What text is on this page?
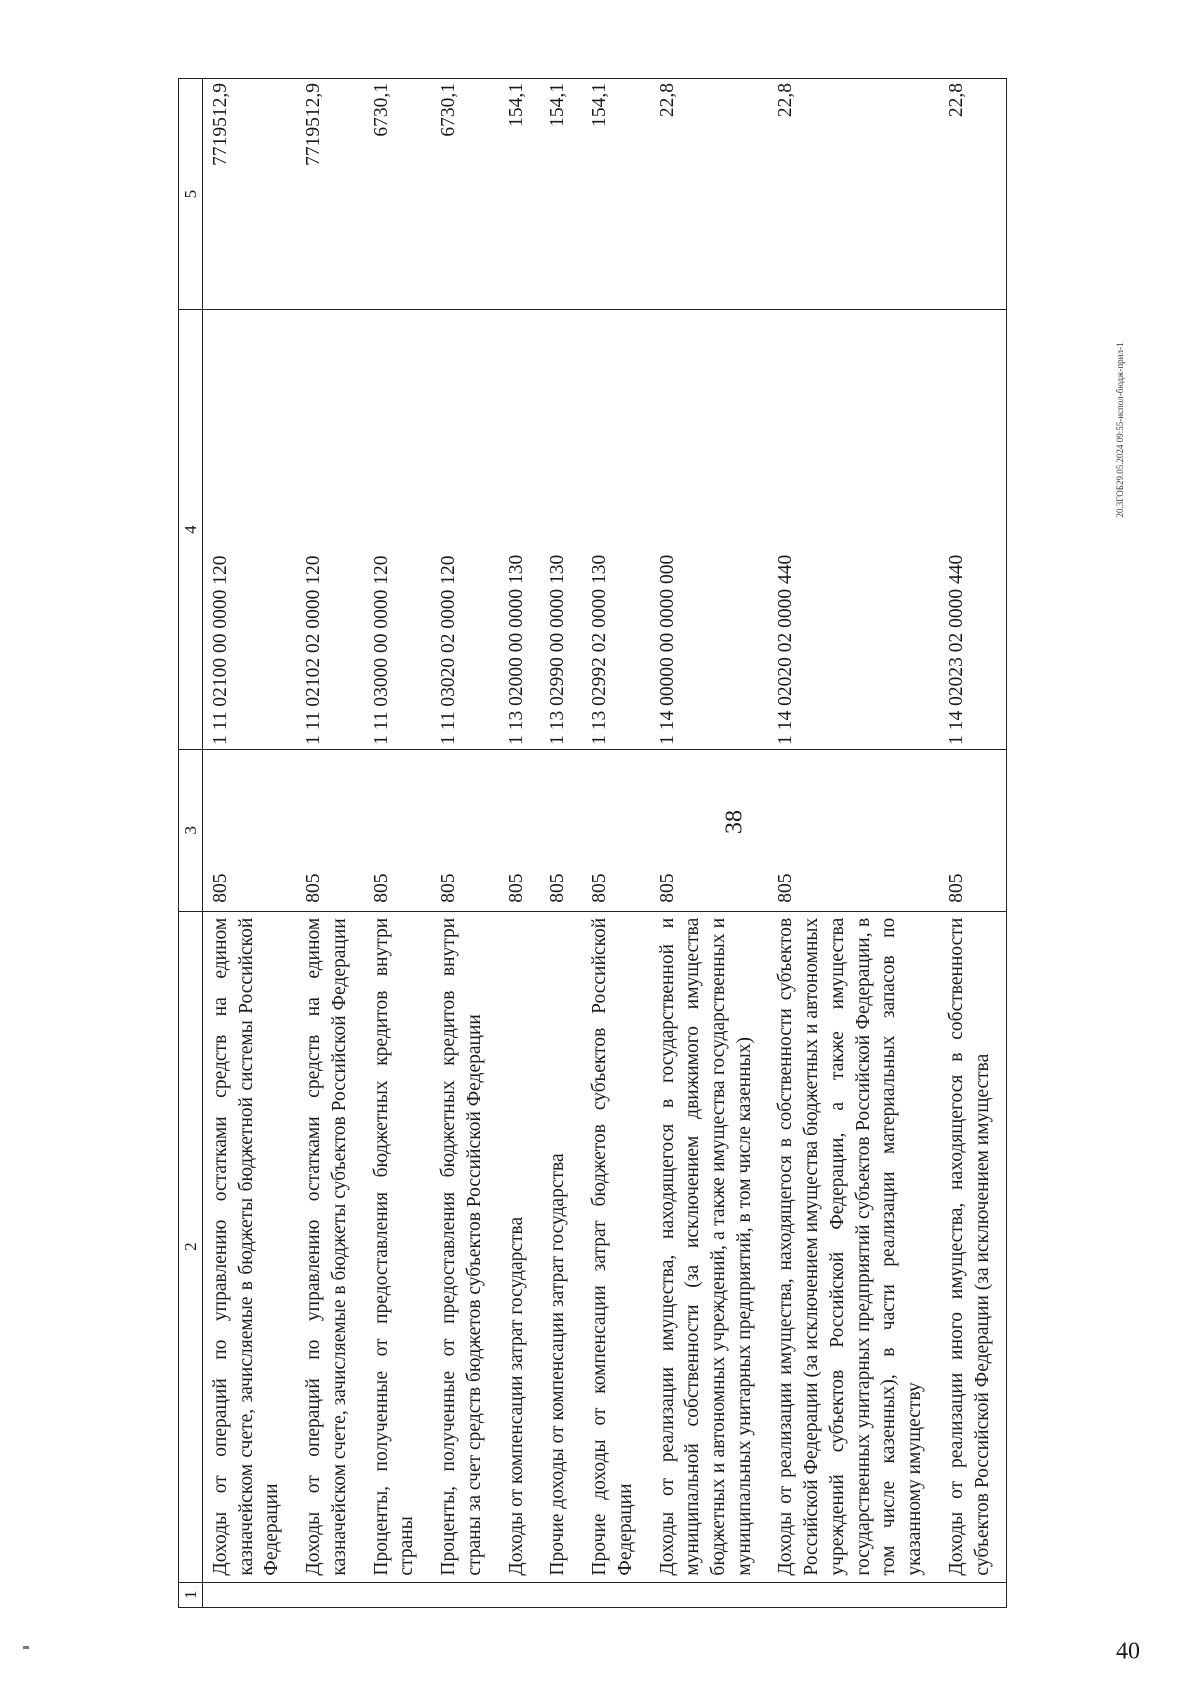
38
1	2	3	4	5
	Доходы от операций по управлению остатками средств на едином казначейском счете, зачисляемые в бюджеты бюджетной системы Российской Федерации	805	1 11 02100 00 0000 120	7719512,9
	Доходы от операций по управлению остатками средств на едином казначейском счете, зачисляемые в бюджеты субъектов Российской Федерации	805	1 11 02102 02 0000 120	7719512,9
	Проценты, полученные от предоставления бюджетных кредитов внутри страны	805	1 11 03000 00 0000 120	6730,1
	Проценты, полученные от предоставления бюджетных кредитов внутри страны за счет средств бюджетов субъектов Российской Федерации	805	1 11 03020 02 0000 120	6730,1
	Доходы от компенсации затрат государства	805	1 13 02000 00 0000 130	154,1
	Прочие доходы от компенсации затрат государства	805	1 13 02990 00 0000 130	154,1
	Прочие доходы от компенсации затрат бюджетов субъектов Российской Федерации	805	1 13 02992 02 0000 130	154,1
	Доходы от реализации имущества, находящегося в государственной и муниципальной собственности (за исключением движимого имущества бюджетных и автономных учреждений, а также имущества государственных и муниципальных унитарных предприятий, в том числе казенных)	805	1 14 00000 00 0000 000	22,8
	Доходы от реализации имущества, находящегося в собственности субъектов Российской Федерации (за исключением имущества бюджетных и автономных учреждений субъектов Российской Федерации, а также имущества государственных унитарных предприятий субъектов Российской Федерации, в том числе казенных), в части реализации материальных запасов по указанному имуществу	805	1 14 02020 02 0000 440	22,8
	Доходы от реализации иного имущества, находящегося в собственности субъектов Российской Федерации (за исключением имущества	805	1 14 02023 02 0000 440	22,8
20.3ГОБ29.05.2024 09:55-испол-бюдж-прил-1
40
